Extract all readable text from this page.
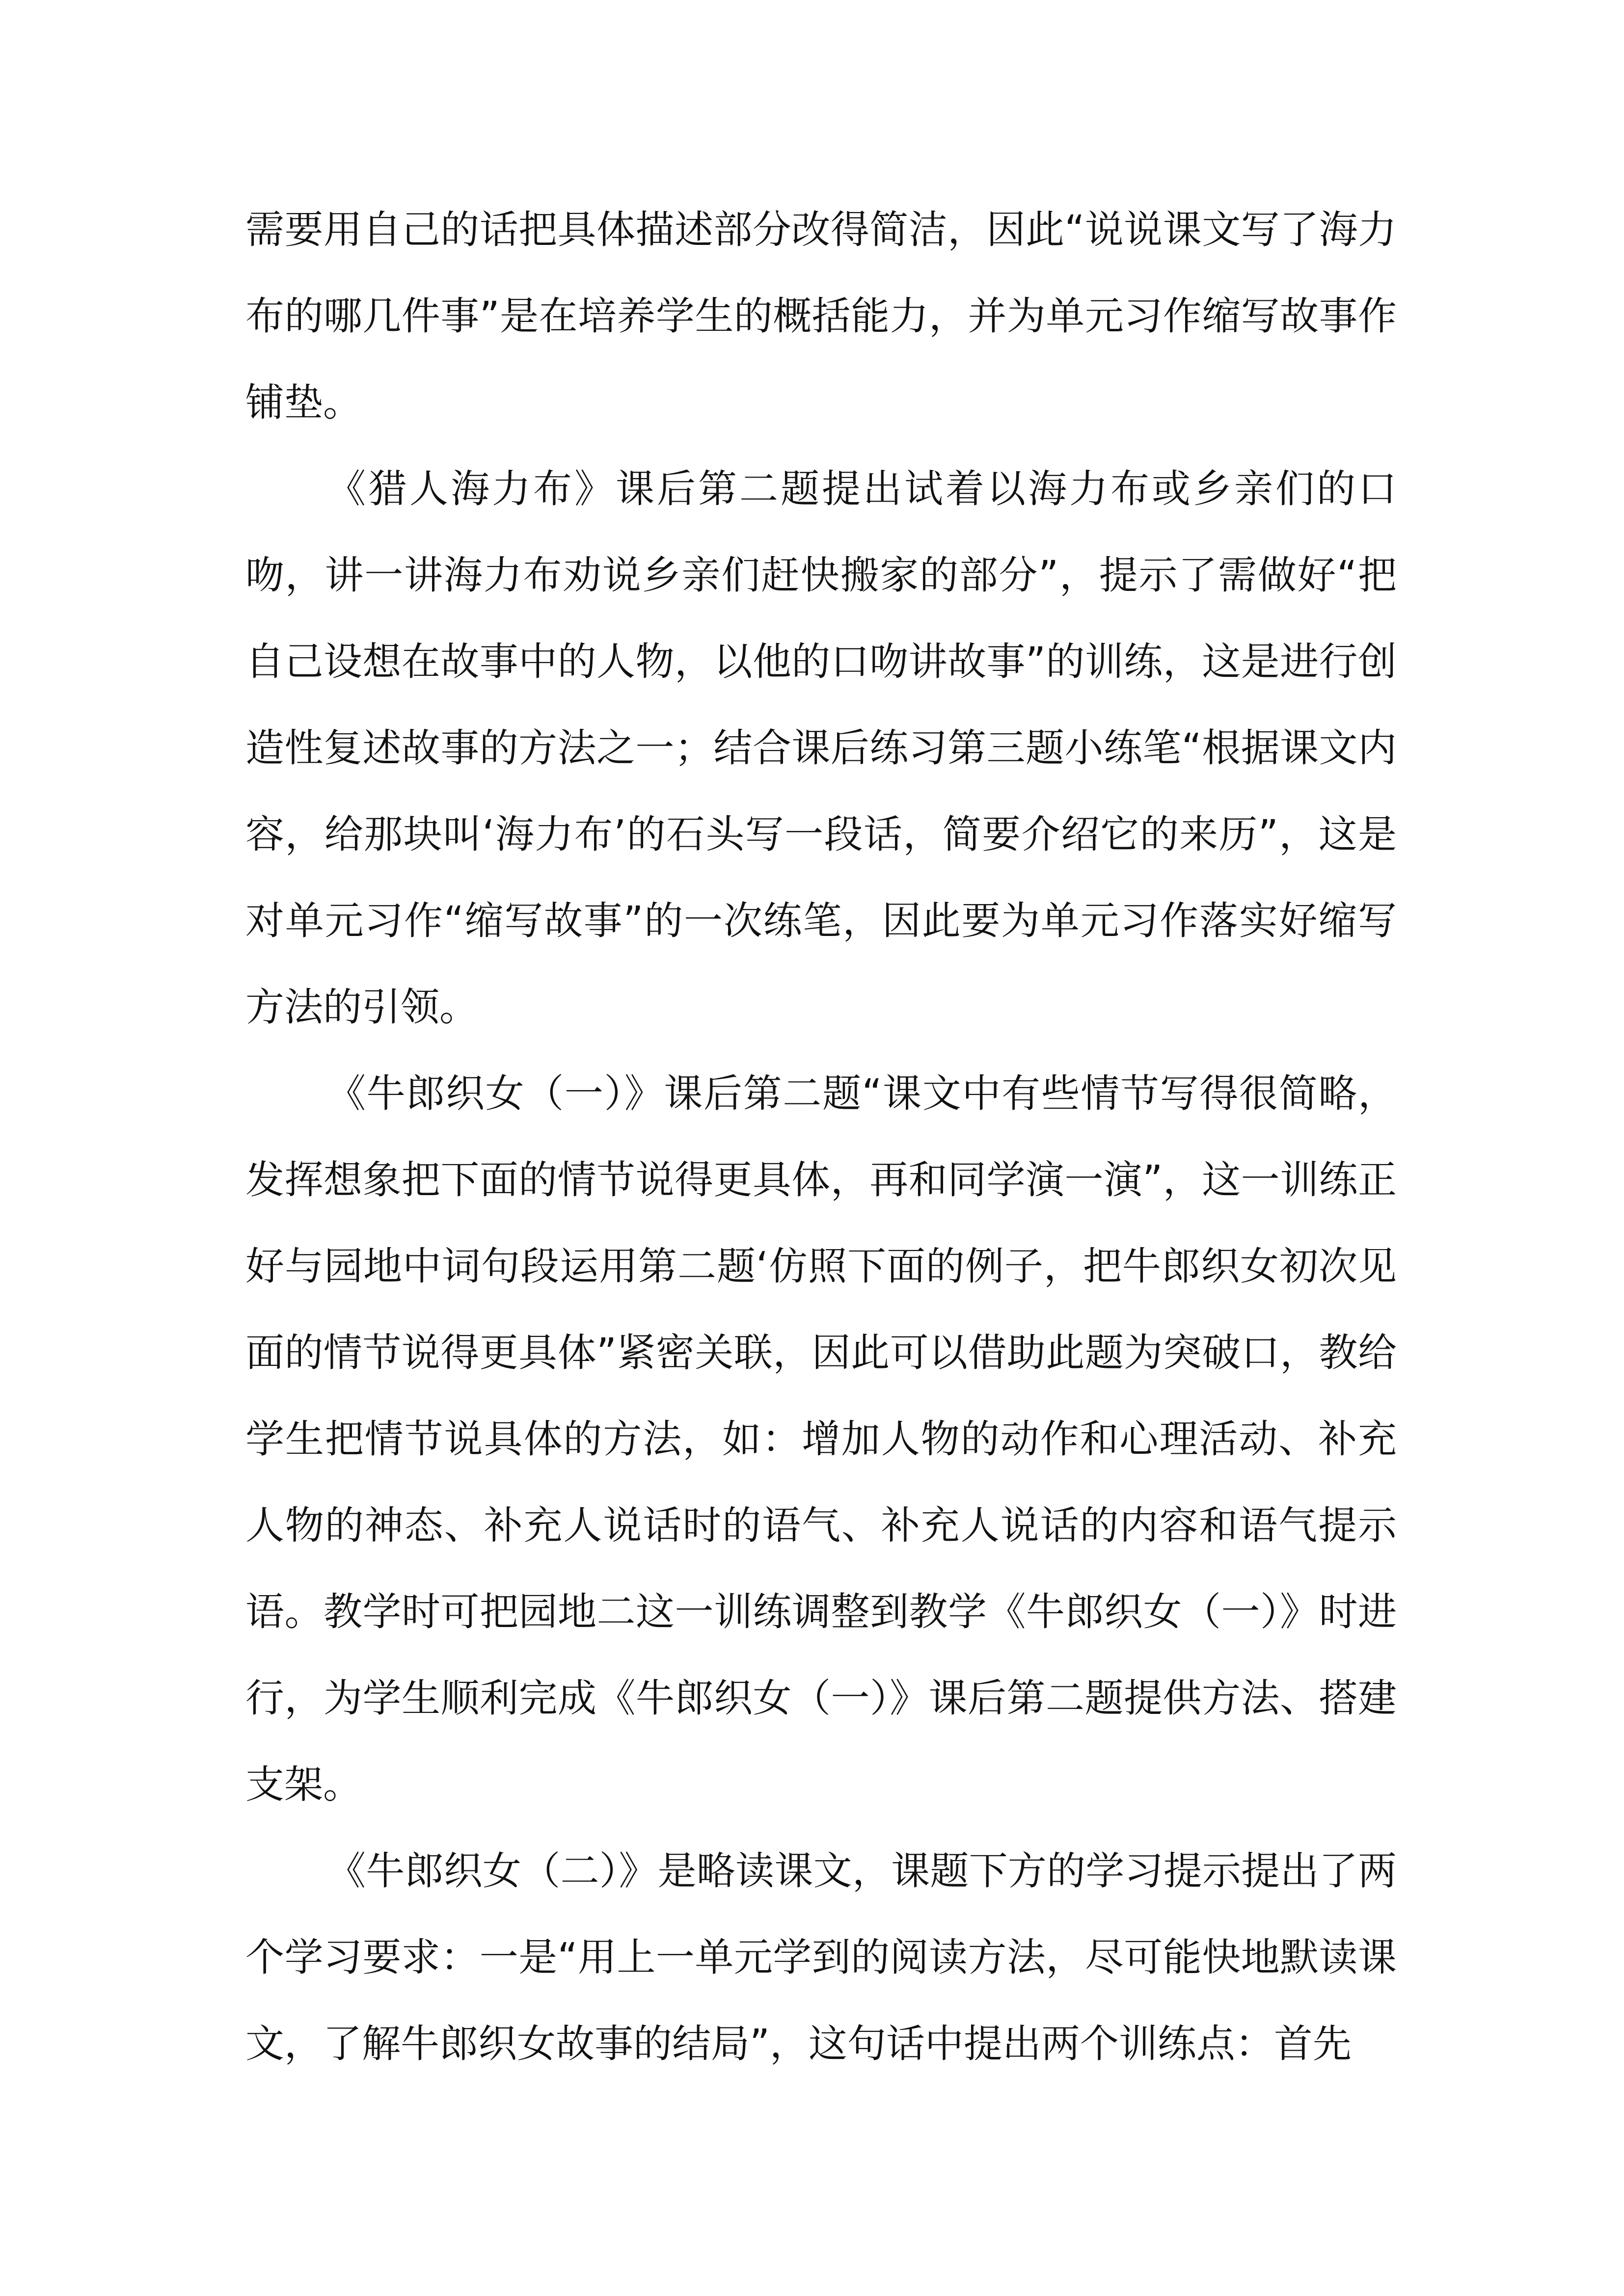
需要用自己的话把具体描述部分改得简洁，因此“说说课文写了海力布的哪几件事”是在培养学生的概括能力，并为单元习作缩写故事作铺垫。

《猎人海力布》课后第二题提出试着以海力布或乡亲们的口吻，讲一讲海力布劝说乡亲们赶快搬家的部分”，提示了需做好“把自己设想在故事中的人物，以他的口吻讲故事”的训练，这是进行创造性复述故事的方法之一；结合课后练习第三题小练笔“根据课文内容，给那块叫‘海力布’的石头写一段话，简要介绍它的来历”，这是对单元习作“缩写故事”的一次练笔，因此要为单元习作落实好缩写方法的引领。

《牛郎织女（一）》课后第二题“课文中有些情节写得很简略，发挥想象把下面的情节说得更具体，再和同学演一演”，这一训练正好与园地中词句段运用第二题‘仿照下面的例子，把牛郎织女初次见面的情节说得更具体”紧密关联，因此可以借助此题为突破口，教给学生把情节说具体的方法，如：增加人物的动作和心理活动、补充人物的神态、补充人说话时的语气、补充人说话的内容和语气提示语。教学时可把园地二这一训练调整到教学《牛郎织女（一）》时进行，为学生顺利完成《牛郎织女（一）》课后第二题提供方法、搭建支架。

《牛郎织女（二）》是略读课文，课题下方的学习提示提出了两个学习要求：一是“用上一单元学到的阅读方法，尽可能快地默读课文，了解牛郎织女故事的结局”，这句话中提出两个训练点：首先
